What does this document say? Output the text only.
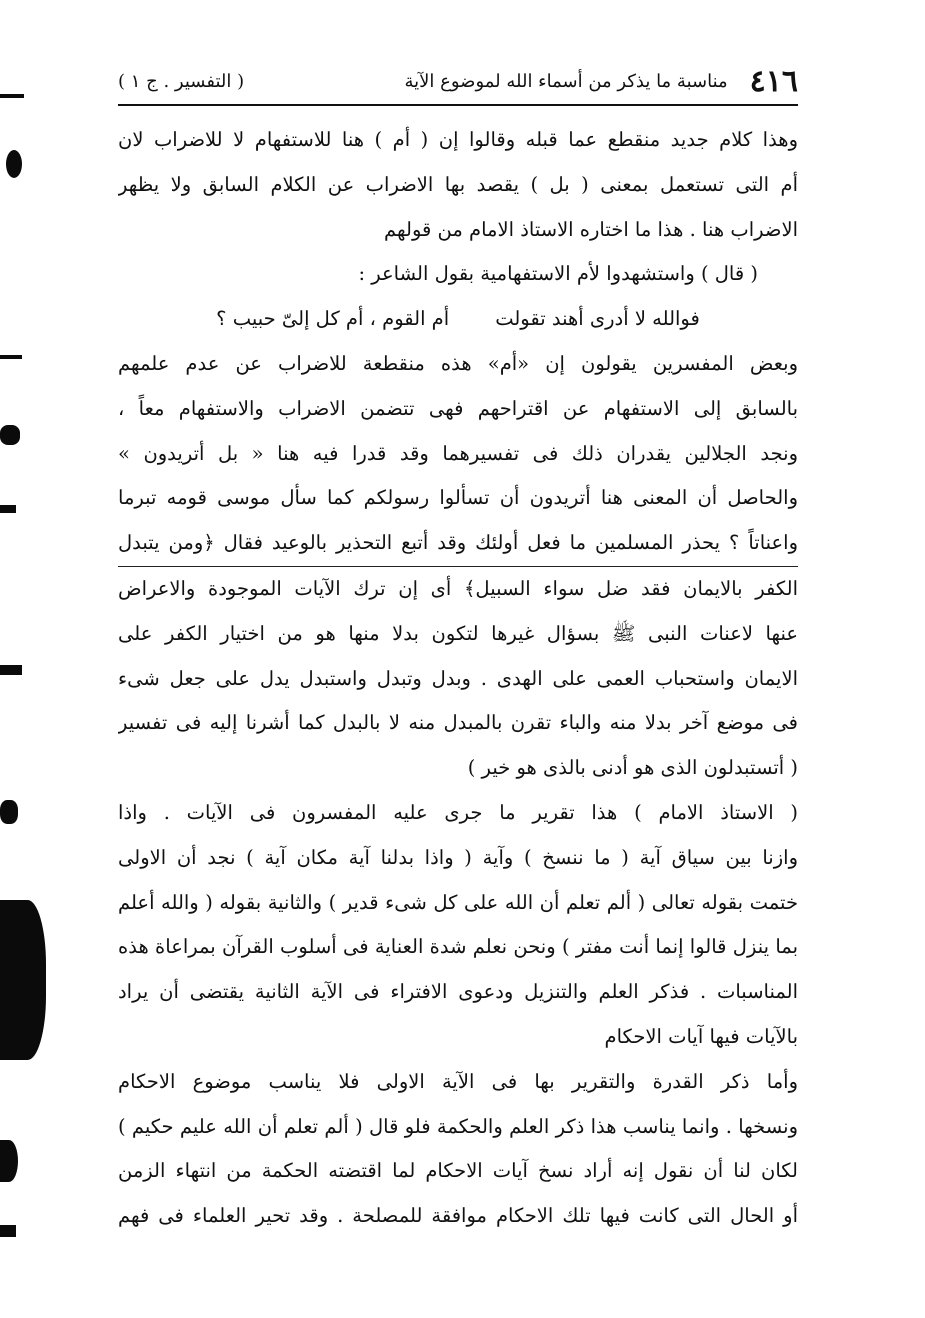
٤١٦
مناسبة ما يذكر من أسماء الله لموضوع الآية
( التفسير . ج ١ )
وهذا كلام جديد منقطع عما قبله وقالوا إن ( أم ) هنا للاستفهام لا للاضراب لان
أم التى تستعمل بمعنى ( بل ) يقصد بها الاضراب عن الكلام السابق ولا يظهر
الاضراب هنا . هذا ما اختاره الاستاذ الامام من قولهم
( قال ) واستشهدوا لأم الاستفهامية بقول الشاعر :
فوالله لا أدرى أهند تقولتأم القوم ، أم كل إلىّ حبيب ؟
وبعض المفسرين يقولون إن «أم» هذه منقطعة للاضراب عن عدم علمهم
بالسابق إلى الاستفهام عن اقتراحهم فهى تتضمن الاضراب والاستفهام معاً ،
ونجد الجلالين يقدران ذلك فى تفسيرهما وقد قدرا فيه هنا « بل أتريدون »
والحاصل أن المعنى هنا أتريدون أن تسألوا رسولكم كما سأل موسى قومه تبرما
واعناتاً ؟ يحذر المسلمين ما فعل أولئك وقد أتبع التحذير بالوعيد فقال ﴿ومن يتبدل
الكفر بالايمان فقد ضل سواء السبيل﴾ أى إن ترك الآيات الموجودة والاعراض
عنها لاعنات النبى ﷺ بسؤال غيرها لتكون بدلا منها هو من اختيار الكفر على
الايمان واستحباب العمى على الهدى . وبدل وتبدل واستبدل يدل على جعل شىء
فى موضع آخر بدلا منه والباء تقرن بالمبدل منه لا بالبدل كما أشرنا إليه فى تفسير
( أتستبدلون الذى هو أدنى بالذى هو خير )
( الاستاذ الامام ) هذا تقرير ما جرى عليه المفسرون فى الآيات . واذا
وازنا بين سياق آية ( ما ننسخ ) وآية ( واذا بدلنا آية مكان آية ) نجد أن الاولى
ختمت بقوله تعالى ( ألم تعلم أن الله على كل شىء قدير ) والثانية بقوله ( والله أعلم
بما ينزل قالوا إنما أنت مفتر ) ونحن نعلم شدة العناية فى أسلوب القرآن بمراعاة هذه
المناسبات . فذكر العلم والتنزيل ودعوى الافتراء فى الآية الثانية يقتضى أن يراد
بالآيات فيها آيات الاحكام
وأما ذكر القدرة والتقرير بها فى الآية الاولى فلا يناسب موضوع الاحكام
ونسخها . وانما يناسب هذا ذكر العلم والحكمة فلو قال ( ألم تعلم أن الله عليم حكيم )
لكان لنا أن نقول إنه أراد نسخ آيات الاحكام لما اقتضته الحكمة من انتهاء الزمن
أو الحال التى كانت فيها تلك الاحكام موافقة للمصلحة . وقد تحير العلماء فى فهم
